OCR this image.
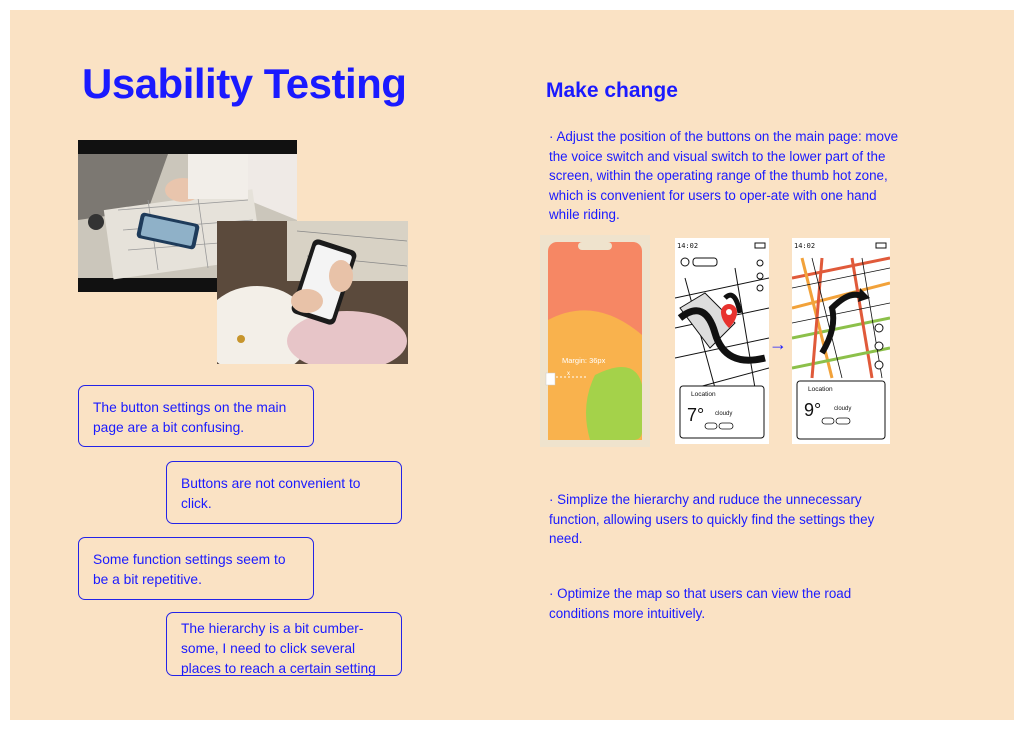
Usability Testing	Make change
The button settings on the main page are a bit confusing.
Buttons are not convenient to click.
Some function settings seem to be a bit repetitive.
The hierarchy is a bit cumber-some, I need to click several places to reach a certain setting

· Adjust the position of the buttons on the main page: move the voice switch and visual switch to the lower part of the screen, within the operating range of the thumb hot zone, which is convenient for users to oper-ate with one hand while riding.

· Simplize the hierarchy and ruduce the unnecessary function, allowing users to quickly find the settings they need.

· Optimize the map so that users can view the road conditions more intuitively.

Margin: 36px
x
14:02
Location
7° cloudy
→
14:02
Location
9° cloudy
